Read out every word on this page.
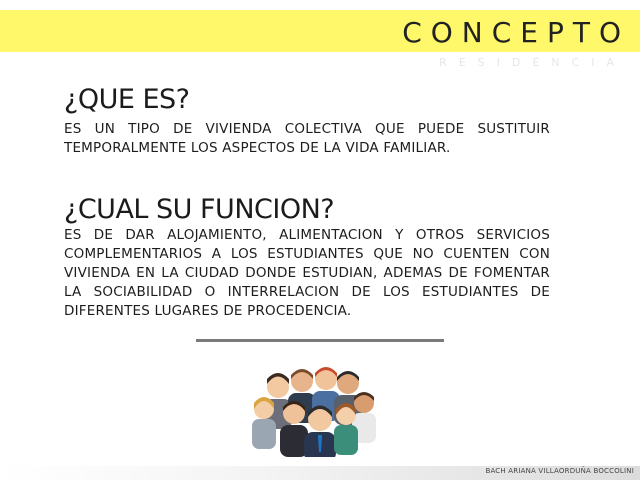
CONCEPTO
RESIDENCIA
¿QUE ES?
ES UN TIPO DE VIVIENDA COLECTIVA QUE PUEDE SUSTITUIR TEMPORALMENTE LOS ASPECTOS DE LA VIDA FAMILIAR.
¿CUAL SU FUNCION?
ES DE DAR ALOJAMIENTO, ALIMENTACION Y OTROS SERVICIOS COMPLEMENTARIOS A LOS ESTUDIANTES QUE NO CUENTEN CON VIVIENDA EN LA CIUDAD DONDE ESTUDIAN, ADEMAS DE FOMENTAR LA SOCIABILIDAD O INTERRELACION DE LOS ESTUDIANTES DE DIFERENTES LUGARES DE PROCEDENCIA.
BACH ARIANA VILLAORDUÑA BOCCOLINI
